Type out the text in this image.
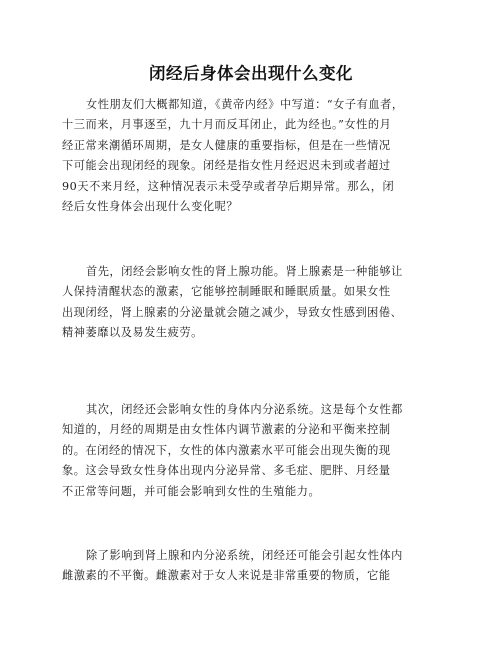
闭经后身体会出现什么变化

女性朋友们大概都知道，《黄帝内经》中写道：“女子有血者，
十三而来，月事逐至，九十月而反耳闭止，此为经也。”女性的月
经正常来潮循环周期，是女人健康的重要指标，但是在一些情况
下可能会出现闭经的现象。闭经是指女性月经迟迟未到或者超过
90天不来月经，这种情况表示未受孕或者孕后期异常。那么，闭
经后女性身体会出现什么变化呢？

首先，闭经会影响女性的肾上腺功能。肾上腺素是一种能够让
人保持清醒状态的激素，它能够控制睡眠和睡眠质量。如果女性
出现闭经，肾上腺素的分泌量就会随之减少，导致女性感到困倦、
精神萎靡以及易发生疲劳。

其次，闭经还会影响女性的身体内分泌系统。这是每个女性都
知道的，月经的周期是由女性体内调节激素的分泌和平衡来控制
的。在闭经的情况下，女性的体内激素水平可能会出现失衡的现
象。这会导致女性身体出现内分泌异常、多毛症、肥胖、月经量
不正常等问题，并可能会影响到女性的生殖能力。

除了影响到肾上腺和内分泌系统，闭经还可能会引起女性体内
雌激素的不平衡。雌激素对于女人来说是非常重要的物质，它能
